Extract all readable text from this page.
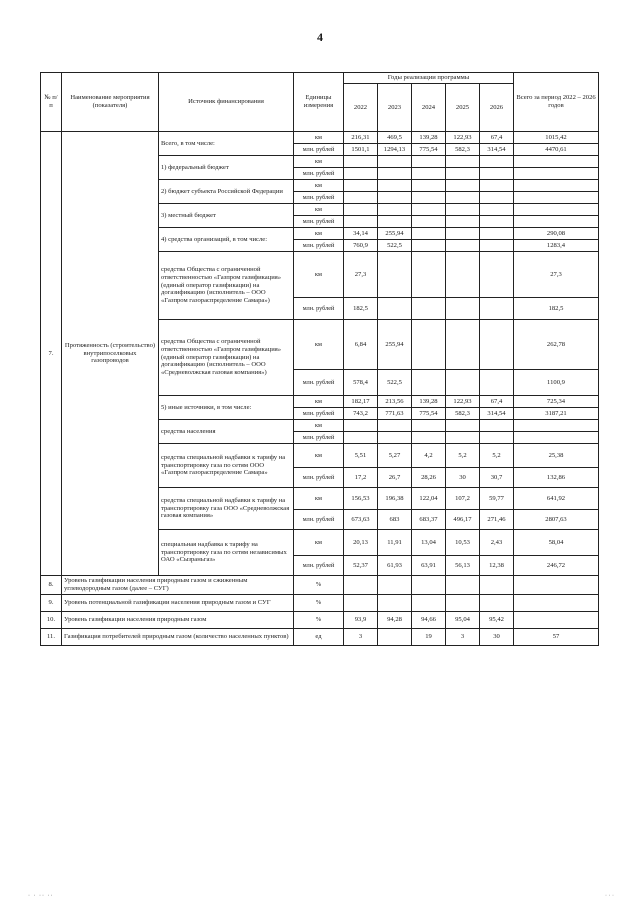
4
№ п/п	Наименование мероприятия (показателя)	Источник финансирования	Единицы измерения	Годы реализации программы					Всего за период 2022 – 2026 годов
				2022	2023	2024	2025	2026	
7.	Протяженность (строительство) внутрипоселковых газопроводов	Всего, в том числе:	км	216,31	469,5	139,28	122,93	67,4	1015,42
			млн. рублей	1501,1	1294,13	775,54	582,3	314,54	4470,61
		1) федеральный бюджет	км						
			млн. рублей						
		2) бюджет субъекта Российской Федерации	км						
			млн. рублей						
		3) местный бюджет	км						
			млн. рублей						
		4) средства организаций, в том числе:	км	34,14	255,94				290,08
			млн. рублей	760,9	522,5				1283,4
		средства Общества с ограниченной ответственностью «Газпром газификация» (единый оператор газификации) на догазификацию (исполнитель – ООО «Газпром газораспределение Самара»)	км	27,3					27,3
			млн. рублей	182,5					182,5
		средства Общества с ограниченной ответственностью «Газпром газификация» (единый оператор газификации) на догазификацию (исполнитель – ООО «Средневолжская газовая компания»)	км	6,84	255,94				262,78
			млн. рублей	578,4	522,5				1100,9
		5) иные источники, в том числе:	км	182,17	213,56	139,28	122,93	67,4	725,34
			млн. рублей	743,2	771,63	775,54	582,3	314,54	3187,21
		средства населения	км						
			млн. рублей						
		средства специальной надбавки к тарифу на транспортировку газа по сетям ООО «Газпром газораспределение Самара»	км	5,51	5,27	4,2	5,2	5,2	25,38
			млн. рублей	17,2	26,7	28,26	30	30,7	132,86
		средства специальной надбавки к тарифу на транспортировку газа ООО «Средневолжская газовая компания»	км	156,53	196,38	122,04	107,2	59,77	641,92
			млн. рублей	673,63	683	683,37	496,17	271,46	2807,63
		специальная надбавка к тарифу на транспортировку газа по сетям независимых ОАО «Сызраньгаз»	км	20,13	11,91	13,04	10,53	2,43	58,04
			млн. рублей	52,37	61,93	63,91	56,13	12,38	246,72
8.	Уровень газификации населения природным газом и сжиженным углеводородным газом (далее – СУГ)		%						
9.	Уровень потенциальной газификации населения природным газом и СУГ		%						
10.	Уровень газификации населения природным газом		%	93,9	94,28	94,66	95,04	95,42	
11.	Газификация потребителей природным газом (количество населенных пунктов)		ед	3		19	3	30	57
· · ·· ··	· · ·
